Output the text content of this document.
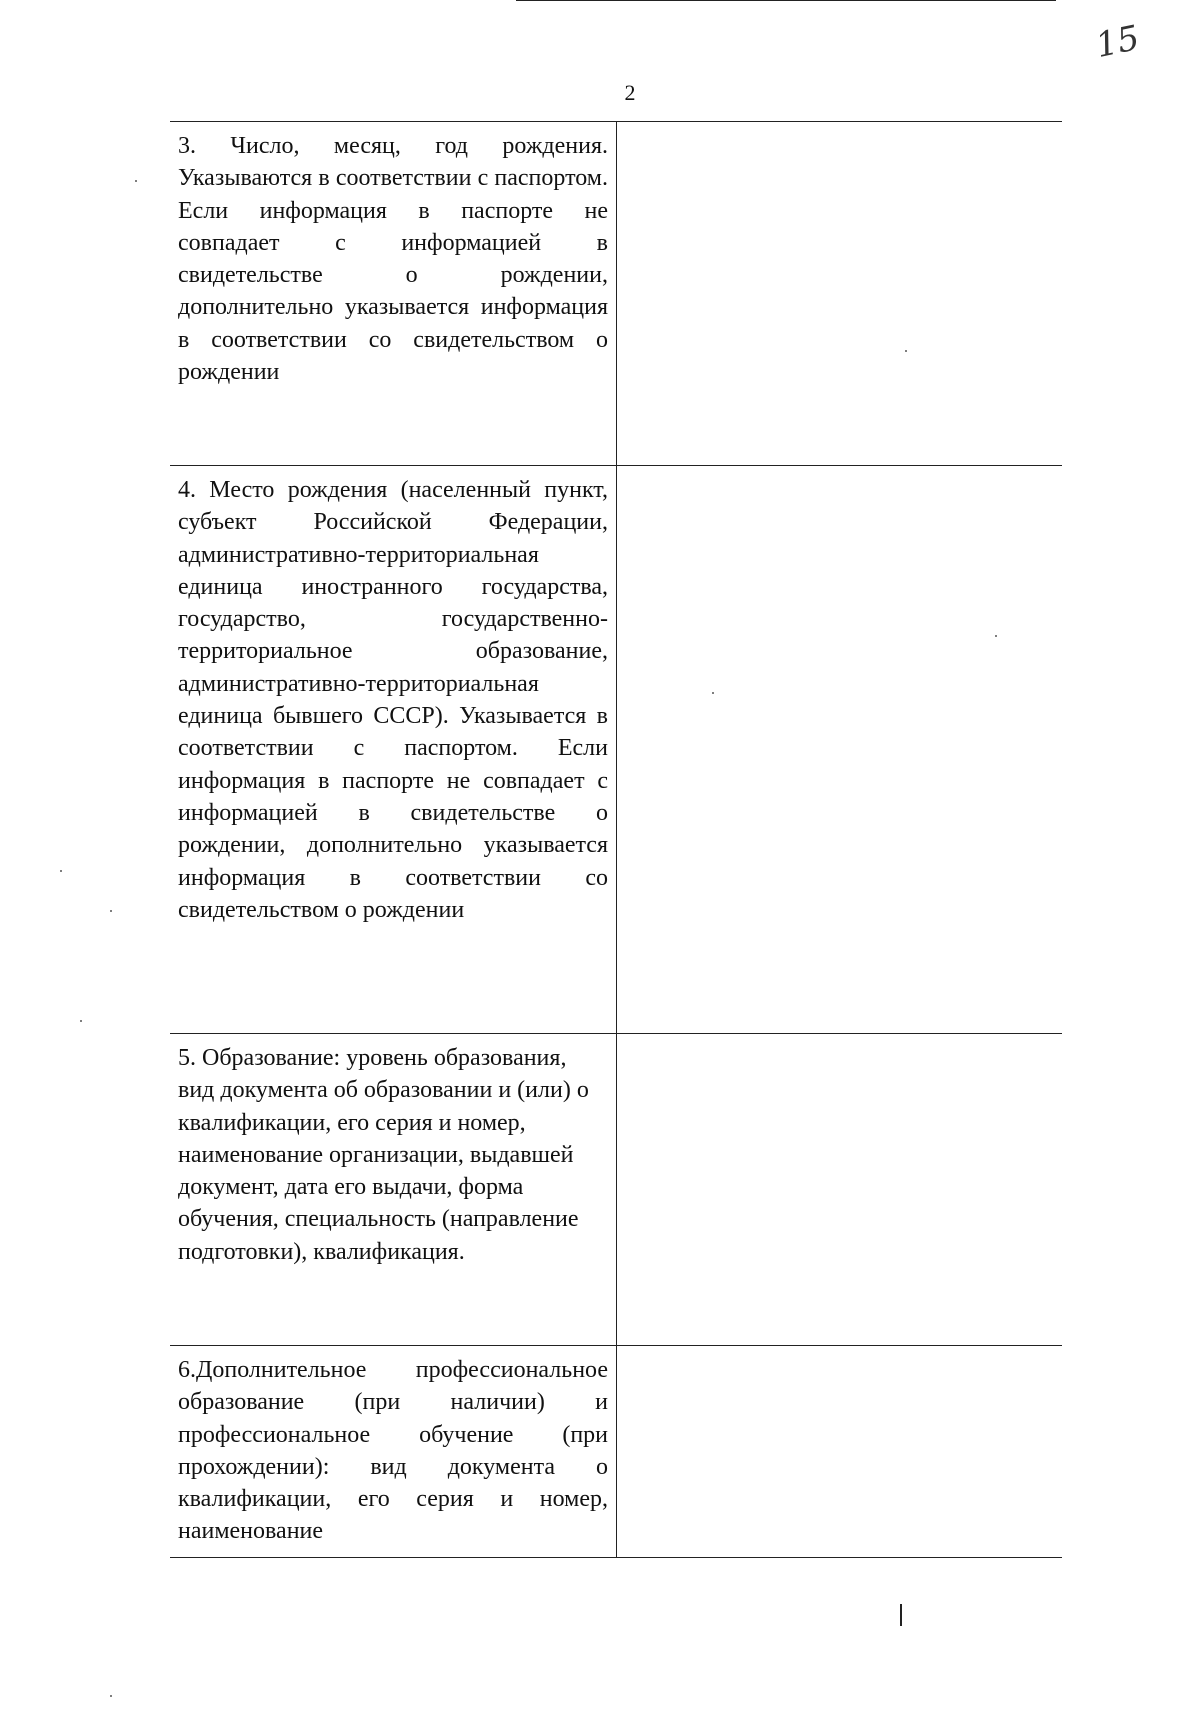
15
2
3. Число, месяц, год рождения. Указываются в соответствии с паспортом. Если информация в паспорте не совпадает с информацией в свидетельстве о рождении, дополнительно указывается информация в соответствии со свидетельством о рождении
4. Место рождения (населенный пункт, субъект Российской Федерации, административно-территориальная единица иностранного государства, государство, государственно-территориальное образование, административно-территориальная единица бывшего СССР). Указывается в соответствии с паспортом. Если информация в паспорте не совпадает с информацией в свидетельстве о рождении, дополнительно указывается информация в соответствии со свидетельством о рождении
5. Образование: уровень образования, вид документа об образовании и (или) о квалификации, его серия и номер, наименование организации, выдавшей документ, дата его выдачи, форма обучения, специальность (направление подготовки), квалификация.
6.Дополнительное профессиональное образование (при наличии) и профессиональное обучение (при прохождении): вид документа о квалификации, его серия и номер, наименование
